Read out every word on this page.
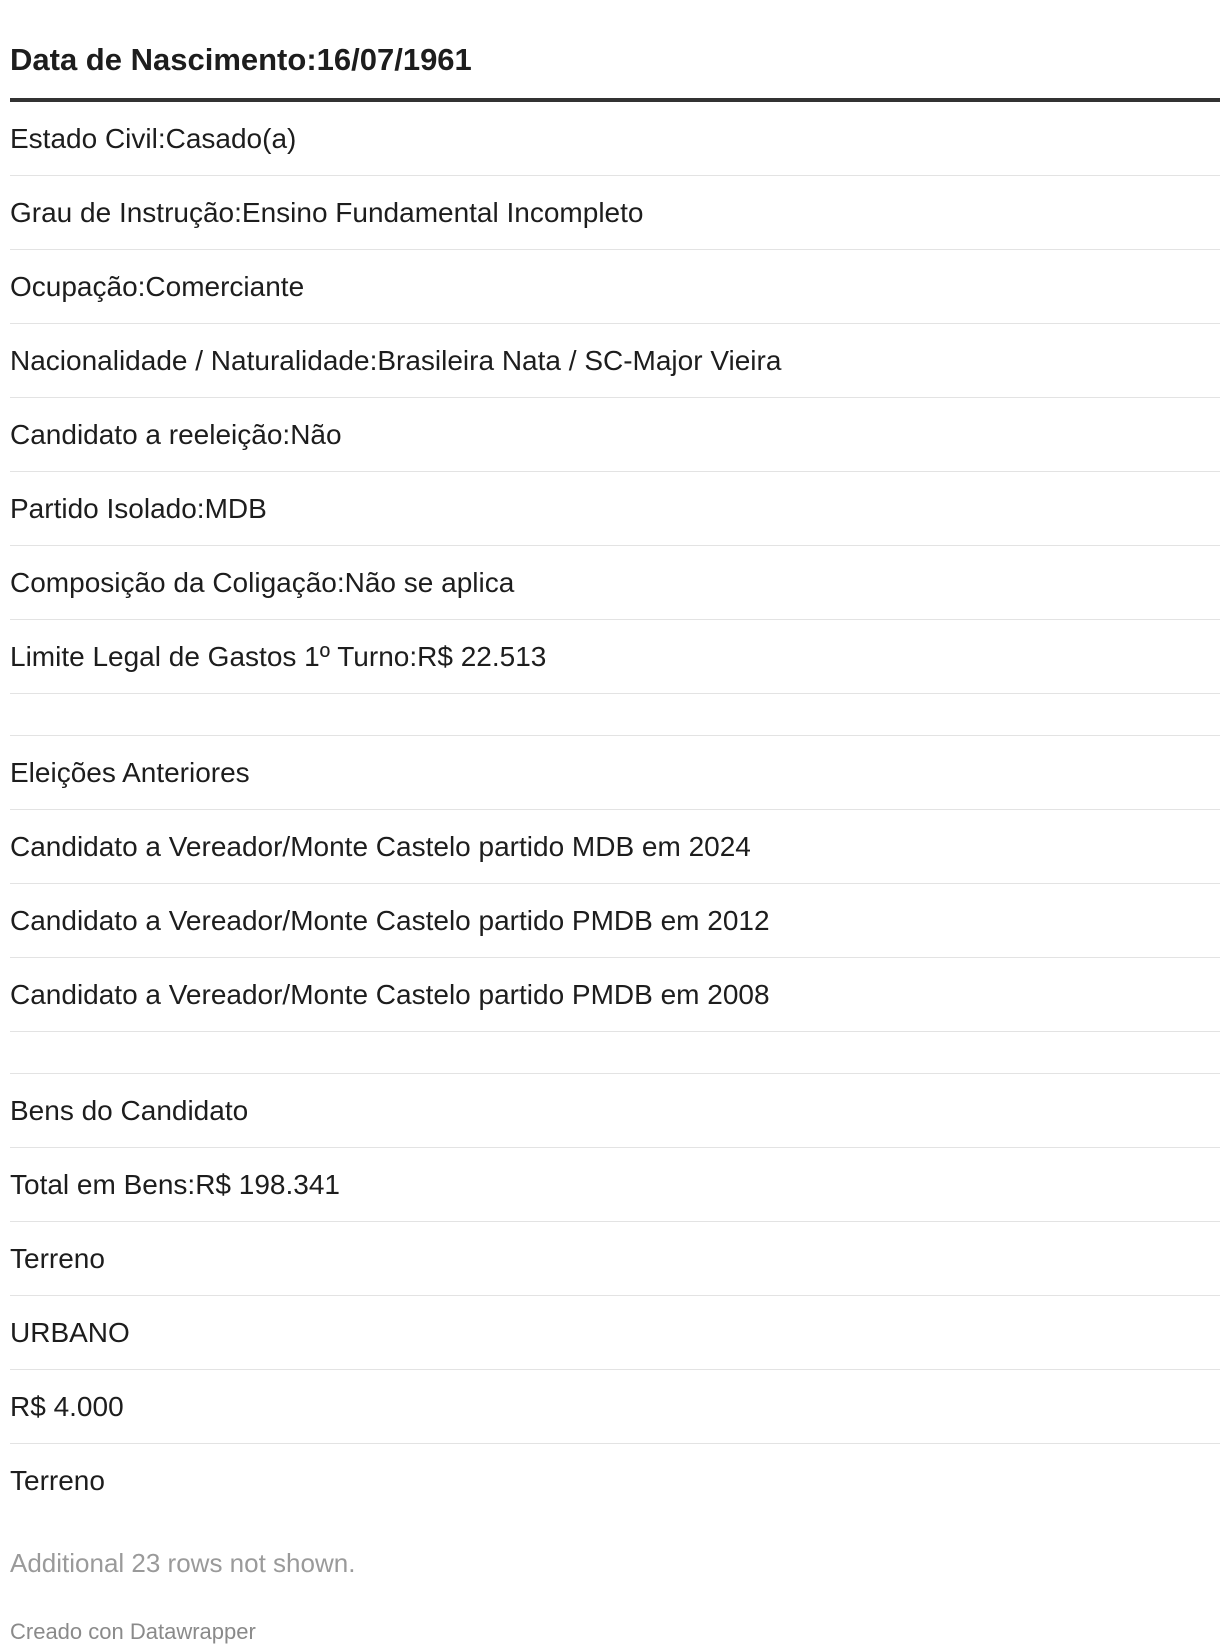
Data de Nascimento:16/07/1961
Estado Civil:Casado(a)
Grau de Instrução:Ensino Fundamental Incompleto
Ocupação:Comerciante
Nacionalidade / Naturalidade:Brasileira Nata / SC-Major Vieira
Candidato a reeleição:Não
Partido Isolado:MDB
Composição da Coligação:Não se aplica
Limite Legal de Gastos 1º Turno:R$ 22.513
Eleições Anteriores
Candidato a Vereador/Monte Castelo partido MDB em 2024
Candidato a Vereador/Monte Castelo partido PMDB em 2012
Candidato a Vereador/Monte Castelo partido PMDB em 2008
Bens do Candidato
Total em Bens:R$ 198.341
Terreno
URBANO
R$ 4.000
Terreno
Additional 23 rows not shown.
Creado con Datawrapper
